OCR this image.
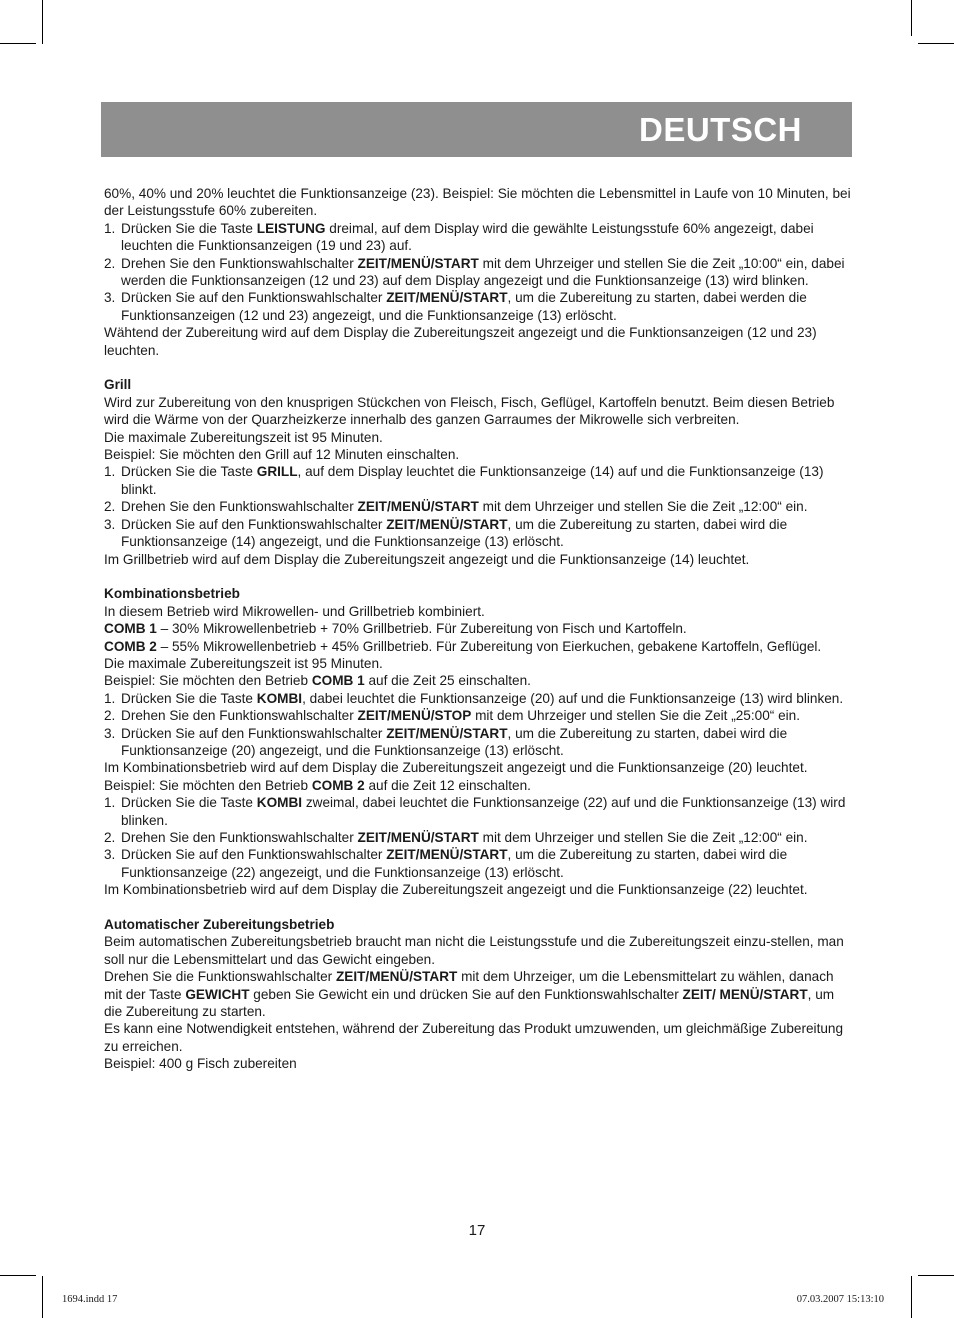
DEUTSCH

60%, 40% und 20% leuchtet die Funktionsanzeige (23). Beispiel: Sie möchten die Lebensmittel in Laufe von 10 Minuten, bei der Leistungsstufe 60% zubereiten.

1. Drücken Sie die Taste LEISTUNG dreimal, auf dem Display wird die gewählte Leistungsstufe 60% angezeigt, dabei leuchten die Funktionsanzeigen (19 und 23) auf.
2. Drehen Sie den Funktionswahlschalter ZEIT/MENÜ/START mit dem Uhrzeiger und stellen Sie die Zeit „10:00“ ein, dabei werden die Funktionsanzeigen (12 und 23) auf dem Display angezeigt und die Funktionsanzeige (13) wird blinken.
3. Drücken Sie auf den Funktionswahlschalter ZEIT/MENÜ/START, um die Zubereitung zu starten, dabei werden die Funktionsanzeigen (12 und 23) angezeigt, und die Funktionsanzeige (13) erlöscht.

Wähtend der Zubereitung wird auf dem Display die Zubereitungszeit angezeigt und die Funktionsanzeigen (12 und 23) leuchten.

Grill

Wird zur Zubereitung von den knusprigen Stückchen von Fleisch, Fisch, Geflügel, Kartoffeln benutzt. Beim diesen Betrieb wird die Wärme von der Quarzheizkerze innerhalb des ganzen Garraumes der Mikrowelle sich verbreiten.

Die maximale Zubereitungszeit ist 95 Minuten.

Beispiel: Sie möchten den Grill auf 12 Minuten einschalten.

1. Drücken Sie die Taste GRILL, auf dem Display leuchtet die Funktionsanzeige (14) auf und die Funktionsanzeige (13) blinkt.
2. Drehen Sie den Funktionswahlschalter ZEIT/MENÜ/START mit dem Uhrzeiger und stellen Sie die Zeit „12:00“ ein.
3. Drücken Sie auf den Funktionswahlschalter ZEIT/MENÜ/START, um die Zubereitung zu starten, dabei wird die Funktionsanzeige (14) angezeigt, und die Funktionsanzeige (13) erlöscht.

Im Grillbetrieb wird auf dem Display die Zubereitungszeit angezeigt und die Funktionsanzeige (14) leuchtet.

Kombinationsbetrieb

In diesem Betrieb wird Mikrowellen- und Grillbetrieb kombiniert.

COMB 1 – 30% Mikrowellenbetrieb + 70% Grillbetrieb. Für Zubereitung von Fisch und Kartoffeln.

COMB 2 – 55% Mikrowellenbetrieb + 45% Grillbetrieb. Für Zubereitung von Eierkuchen, gebakene Kartoffeln, Geflügel.

Die maximale Zubereitungszeit ist 95 Minuten.

Beispiel: Sie möchten den Betrieb COMB 1 auf die Zeit 25 einschalten.

1. Drücken Sie die Taste KOMBI, dabei leuchtet die Funktionsanzeige (20) auf und die Funktionsanzeige (13) wird blinken.
2. Drehen Sie den Funktionswahlschalter ZEIT/MENÜ/STOP mit dem Uhrzeiger und stellen Sie die Zeit „25:00“ ein.
3. Drücken Sie auf den Funktionswahlschalter ZEIT/MENÜ/START, um die Zubereitung zu starten, dabei wird die Funktionsanzeige (20) angezeigt, und die Funktionsanzeige (13) erlöscht.

Im Kombinationsbetrieb wird auf dem Display die Zubereitungszeit angezeigt und die Funktionsanzeige (20) leuchtet.

Beispiel: Sie möchten den Betrieb COMB 2 auf die Zeit 12 einschalten.

1. Drücken Sie die Taste KOMBI zweimal, dabei leuchtet die Funktionsanzeige (22) auf und die Funktionsanzeige (13) wird blinken.
2. Drehen Sie den Funktionswahlschalter ZEIT/MENÜ/START mit dem Uhrzeiger und stellen Sie die Zeit „12:00“ ein.
3. Drücken Sie auf den Funktionswahlschalter ZEIT/MENÜ/START, um die Zubereitung zu starten, dabei wird die Funktionsanzeige (22) angezeigt, und die Funktionsanzeige (13) erlöscht.

Im Kombinationsbetrieb wird auf dem Display die Zubereitungszeit angezeigt und die Funktionsanzeige (22) leuchtet.

Automatischer Zubereitungsbetrieb

Beim automatischen Zubereitungsbetrieb braucht man nicht die Leistungsstufe und die Zubereitungszeit einzu-stellen, man soll nur die Lebensmittelart und das Gewicht eingeben.

Drehen Sie die Funktionswahlschalter ZEIT/MENÜ/START mit dem Uhrzeiger, um die Lebensmittelart zu wählen, danach mit der Taste GEWICHT geben Sie Gewicht ein und drücken Sie auf den Funktionswahlschalter ZEIT/ MENÜ/START, um die Zubereitung zu starten.

Es kann eine Notwendigkeit entstehen, während der Zubereitung das Produkt umzuwenden, um gleichmäßige Zubereitung zu erreichen.

Beispiel: 400 g Fisch zubereiten

17
1694.indd 17	07.03.2007 15:13:10
